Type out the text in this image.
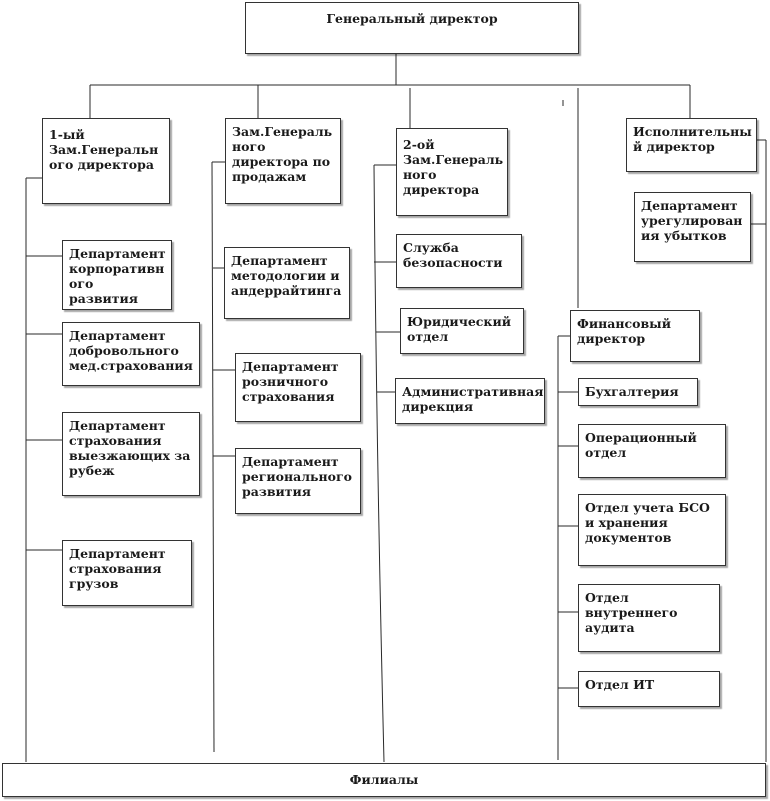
Генеральный директор
1-ый Зам.Генеральн ого директора
Департамент корпоративн ого развития
Департамент добровольного мед.страхования
Департамент страхования выезжающих за рубеж
Департамент страхования грузов
Зам.Генераль ного директора по продажам
Департамент методологии и андеррайтинга
Департамент розничного страхования
Департамент регионального развития
2-ой Зам.Генераль ного директора
Служба безопасности
Юридический отдел
Административная дирекция
Исполнительны й директор
Департамент урегулирован ия убытков
Финансовый директор
Бухгалтерия
Операционный отдел
Отдел учета БСО и хранения документов
Отдел внутреннего аудита
Отдел ИТ
Филиалы
